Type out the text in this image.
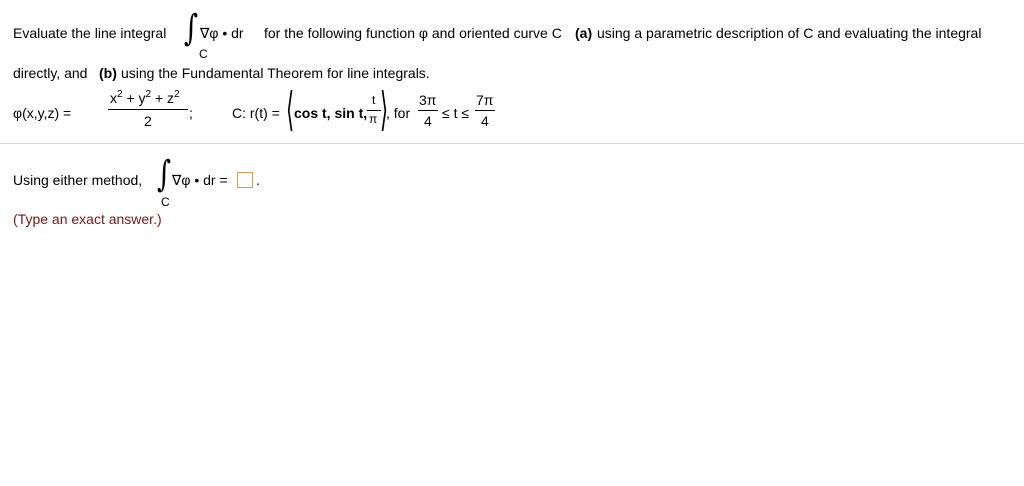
Evaluate the line integral ∫
C
∇φ • dr for the following function φ and oriented curve C (a) using a parametric description of C and evaluating the integral
directly, and (b) using the Fundamental Theorem for line integrals.
φ(x,y,z) =
$x^2 + y^2 + z^2$
2	;	C: r(t) = ⟨ cos t, sin t,
t
π ⟩
, for
3π
4 ≤ t ≤
7π
4
Using either method, ∫
C
∇φ • dr = .
(Type an exact answer.)
